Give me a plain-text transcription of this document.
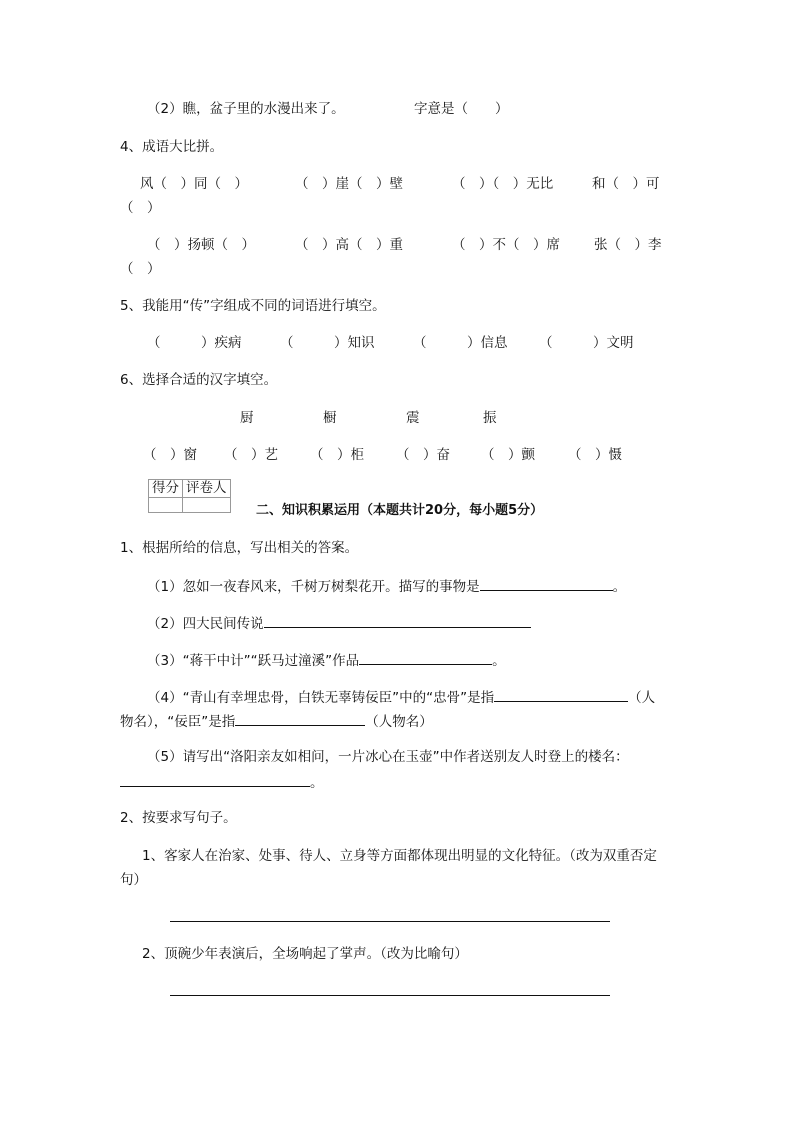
（2）瞧，盆子里的水漫出来了。	字意是（　　）
4、成语大比拼。
风（　）同（　）	（　）崖（　）壁	（　）（　）无比	和（　）可
（　）
（　）扬顿（　）	（　）高（　）重	（　）不（　）席	张（　）李
（　）
5、我能用“传”字组成不同的词语进行填空。
（　　　）疾病	（　　　）知识	（　　　）信息 （　　　）文明
6、选择合适的汉字填空。
厨	橱	震	振
（　）窗 （　）艺 （　）柜 （　）奋 （　）颤 （　）慑
得分	评卷人

二、知识积累运用（本题共计20分，每小题5分）
1、根据所给的信息，写出相关的答案。
（1）忽如一夜春风来，千树万树梨花开。描写的事物是	。
（2）四大民间传说
（3）“蒋干中计”“跃马过潼溪”作品	。
（4）“青山有幸埋忠骨，白铁无辜铸佞臣”中的“忠骨”是指	（人
物名），“佞臣”是指	（人物名）
（5）请写出“洛阳亲友如相问，一片冰心在玉壶”中作者送别友人时登上的楼名：
。
2、按要求写句子。
1、客家人在治家、处事、待人、立身等方面都体现出明显的文化特征。（改为双重否定
句）
2、顶碗少年表演后，全场响起了掌声。（改为比喻句）
